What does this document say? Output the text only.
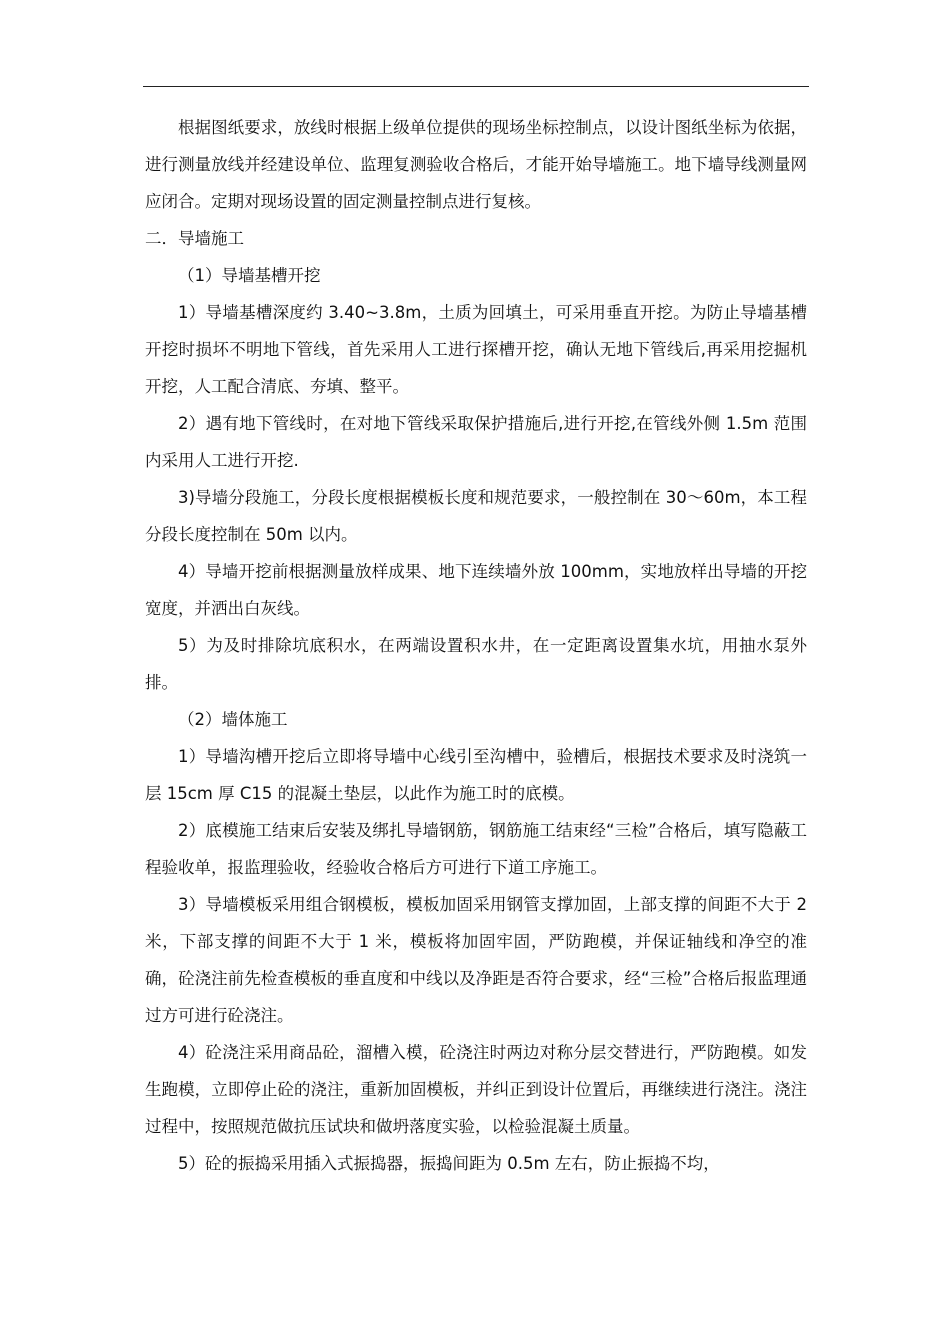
根据图纸要求，放线时根据上级单位提供的现场坐标控制点，以设计图纸坐标为依据，进行测量放线并经建设单位、监理复测验收合格后，才能开始导墙施工。地下墙导线测量网应闭合。定期对现场设置的固定测量控制点进行复核。

二．导墙施工

（1）导墙基槽开挖

1）导墙基槽深度约 3.40~3.8m，土质为回填土，可采用垂直开挖。为防止导墙基槽开挖时损坏不明地下管线，首先采用人工进行探槽开挖，确认无地下管线后,再采用挖掘机开挖，人工配合清底、夯填、整平。

2）遇有地下管线时，在对地下管线采取保护措施后,进行开挖,在管线外侧 1.5m 范围内采用人工进行开挖.

3)导墙分段施工，分段长度根据模板长度和规范要求，一般控制在 30～60m，本工程分段长度控制在 50m 以内。

4）导墙开挖前根据测量放样成果、地下连续墙外放 100mm，实地放样出导墙的开挖宽度，并洒出白灰线。

5）为及时排除坑底积水，在两端设置积水井，在一定距离设置集水坑，用抽水泵外排。

（2）墙体施工

1）导墙沟槽开挖后立即将导墙中心线引至沟槽中，验槽后，根据技术要求及时浇筑一层 15cm 厚 C15 的混凝土垫层，以此作为施工时的底模。

2）底模施工结束后安装及绑扎导墙钢筋，钢筋施工结束经“三检”合格后，填写隐蔽工程验收单，报监理验收，经验收合格后方可进行下道工序施工。

3）导墙模板采用组合钢模板，模板加固采用钢管支撑加固，上部支撑的间距不大于 2 米，下部支撑的间距不大于 1 米，模板将加固牢固，严防跑模，并保证轴线和净空的准确，砼浇注前先检查模板的垂直度和中线以及净距是否符合要求，经“三检”合格后报监理通过方可进行砼浇注。

4）砼浇注采用商品砼，溜槽入模，砼浇注时两边对称分层交替进行，严防跑模。如发生跑模，立即停止砼的浇注，重新加固模板，并纠正到设计位置后，再继续进行浇注。浇注过程中，按照规范做抗压试块和做坍落度实验，以检验混凝土质量。

5）砼的振捣采用插入式振捣器，振捣间距为 0.5m 左右，防止振捣不均，
